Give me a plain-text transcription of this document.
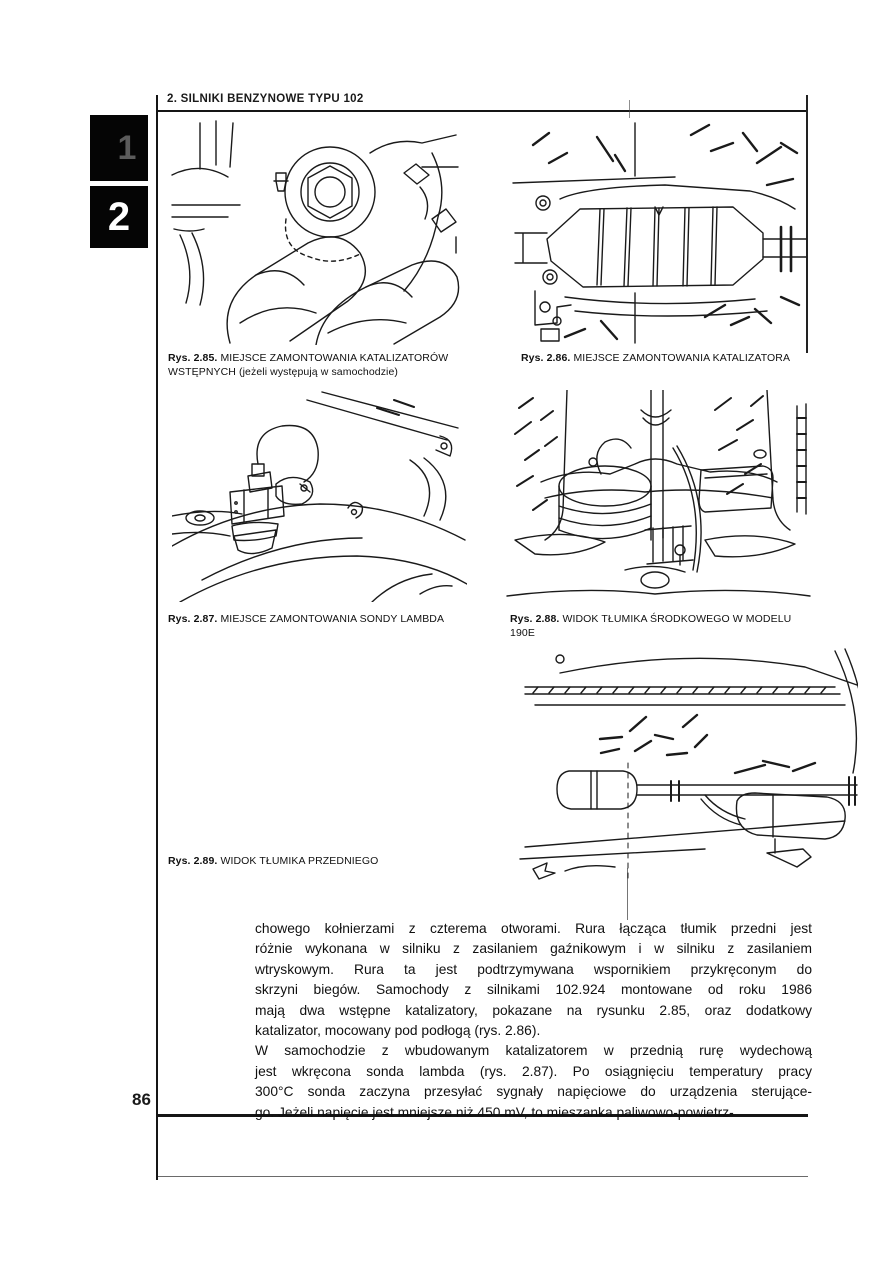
2. SILNIKI BENZYNOWE TYPU 102
1
2
Rys. 2.85. MIEJSCE ZAMONTOWANIA KATALIZATORÓW WSTĘPNYCH (jeżeli występują w samochodzie)
Rys. 2.86. MIEJSCE ZAMONTOWANIA KATALIZATORA
Rys. 2.87. MIEJSCE ZAMONTOWANIA SONDY LAMBDA	Rys. 2.88. WIDOK TŁUMIKA ŚRODKOWEGO W MODELU 190E
Rys. 2.89. WIDOK TŁUMIKA PRZEDNIEGO
chowego kołnierzami z czterema otworami. Rura łącząca tłumik przedni jest
różnie wykonana w silniku z zasilaniem gaźnikowym i w silniku z zasilaniem
wtryskowym. Rura ta jest podtrzymywana wspornikiem przykręconym do
skrzyni biegów. Samochody z silnikami 102.924 montowane od roku 1986
mają dwa wstępne katalizatory, pokazane na rysunku 2.85, oraz dodatkowy
katalizator, mocowany pod podłogą (rys. 2.86).
W samochodzie z wbudowanym katalizatorem w przednią rurę wydechową
jest wkręcona sonda lambda (rys. 2.87). Po osiągnięciu temperatury pracy
300°C sonda zaczyna przesyłać sygnały napięciowe do urządzenia sterujące-
go. Jeżeli napięcie jest mniejsze niż 450 mV, to mieszanka paliwowo-powietrz-
86
